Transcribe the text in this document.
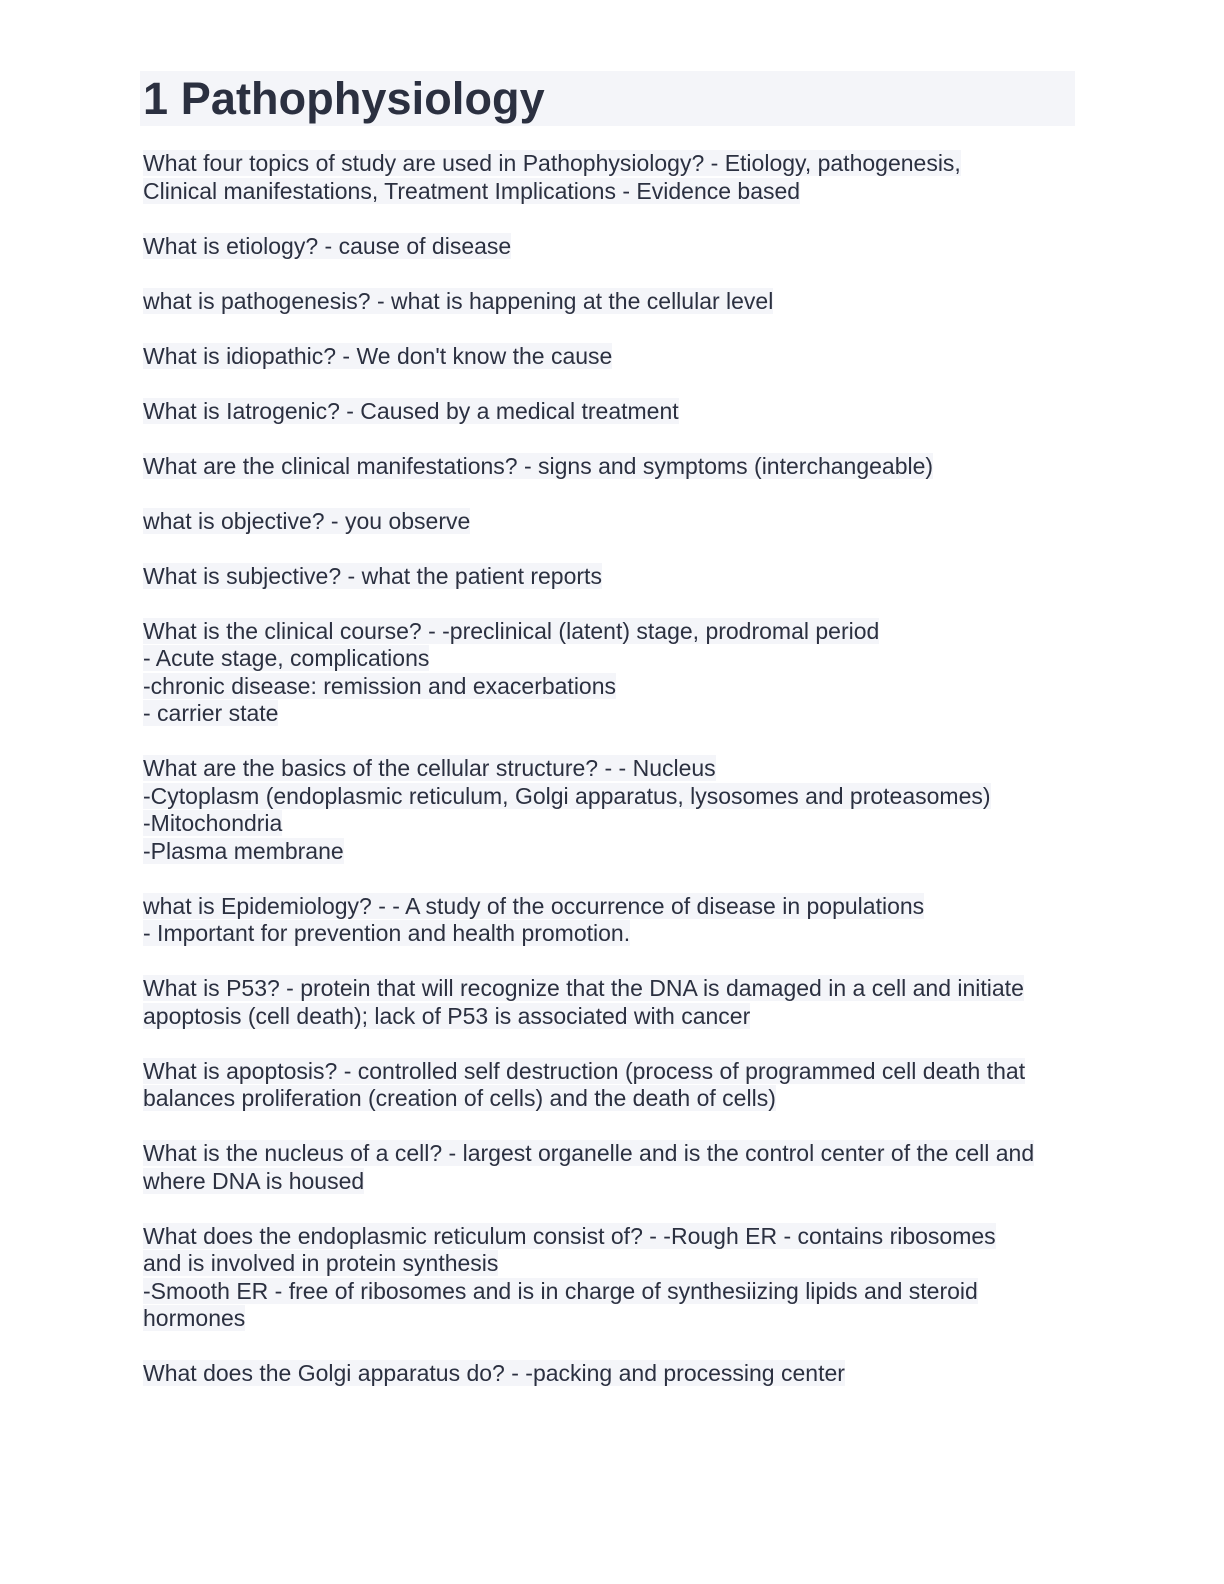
1 Pathophysiology
What four topics of study are used in Pathophysiology? - Etiology, pathogenesis,
Clinical manifestations, Treatment Implications - Evidence based
What is etiology? - cause of disease
what is pathogenesis? - what is happening at the cellular level
What is idiopathic? - We don't know the cause
What is Iatrogenic? - Caused by a medical treatment
What are the clinical manifestations? - signs and symptoms (interchangeable)
what is objective? - you observe
What is subjective? - what the patient reports
What is the clinical course? - -preclinical (latent) stage, prodromal period
- Acute stage, complications
-chronic disease: remission and exacerbations
- carrier state
What are the basics of the cellular structure? - - Nucleus
-Cytoplasm (endoplasmic reticulum, Golgi apparatus, lysosomes and proteasomes)
-Mitochondria
-Plasma membrane
what is Epidemiology? - - A study of the occurrence of disease in populations
- Important for prevention and health promotion.
What is P53? - protein that will recognize that the DNA is damaged in a cell and initiate
apoptosis (cell death); lack of P53 is associated with cancer
What is apoptosis? - controlled self destruction (process of programmed cell death that
balances proliferation (creation of cells) and the death of cells)
What is the nucleus of a cell? - largest organelle and is the control center of the cell and
where DNA is housed
What does the endoplasmic reticulum consist of? - -Rough ER - contains ribosomes
and is involved in protein synthesis
-Smooth ER - free of ribosomes and is in charge of synthesiizing lipids and steroid
hormones
What does the Golgi apparatus do? - -packing and processing center
